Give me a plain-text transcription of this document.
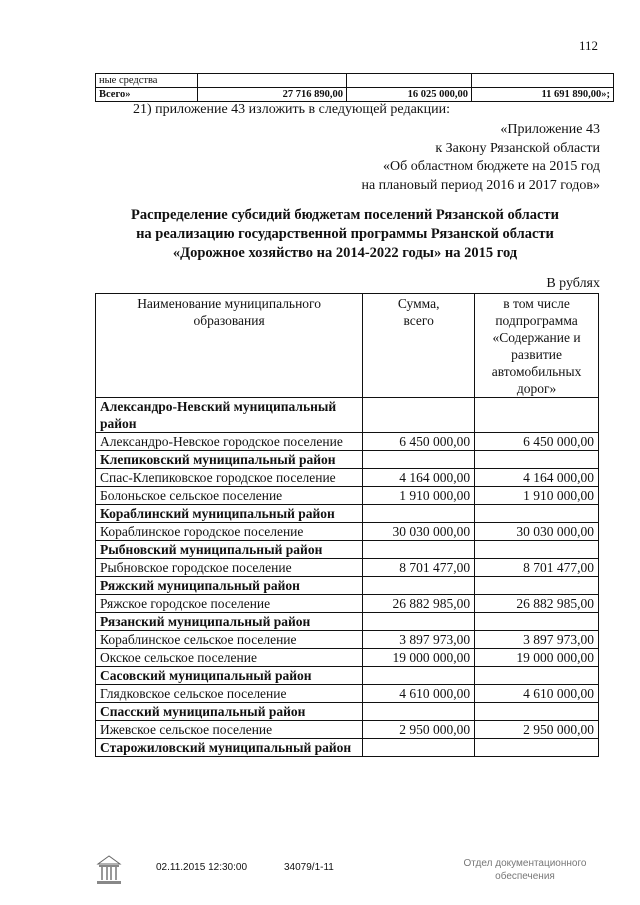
112
ные средства			
Всего»	27 716 890,00	16 025 000,00	11 691 890,00»;
21) приложение 43 изложить в следующей редакции:
«Приложение 43
к Закону Рязанской области
«Об областном бюджете на 2015 год
на плановый период 2016 и 2017 годов»
Распределение субсидий бюджетам поселений Рязанской области
на реализацию государственной программы Рязанской области
«Дорожное хозяйство на 2014-2022 годы» на 2015 год
В рублях
Наименование муниципального образования	Сумма, всего	в том числе подпрограмма «Содержание и развитие автомобильных дорог»

Александро-Невский муниципальный район		
Александро-Невское городское поселение	6 450 000,00	6 450 000,00
Клепиковский муниципальный район		
Спас-Клепиковское городское поселение	4 164 000,00	4 164 000,00
Болоньское сельское поселение	1 910 000,00	1 910 000,00
Кораблинский муниципальный район		
Кораблинское городское поселение	30 030 000,00	30 030 000,00
Рыбновский муниципальный район		
Рыбновское городское поселение	8 701 477,00	8 701 477,00
Ряжский муниципальный район		
Ряжское городское поселение	26 882 985,00	26 882 985,00
Рязанский муниципальный район		
Кораблинское сельское поселение	3 897 973,00	3 897 973,00
Окское сельское поселение	19 000 000,00	19 000 000,00
Сасовский муниципальный район		
Глядковское сельское поселение	4 610 000,00	4 610 000,00
Спасский муниципальный район		
Ижевское сельское поселение	2 950 000,00	2 950 000,00
Старожиловский муниципальный район		
02.11.2015 12:30:00	34079/1-11	Отдел документационного
обеспечения
